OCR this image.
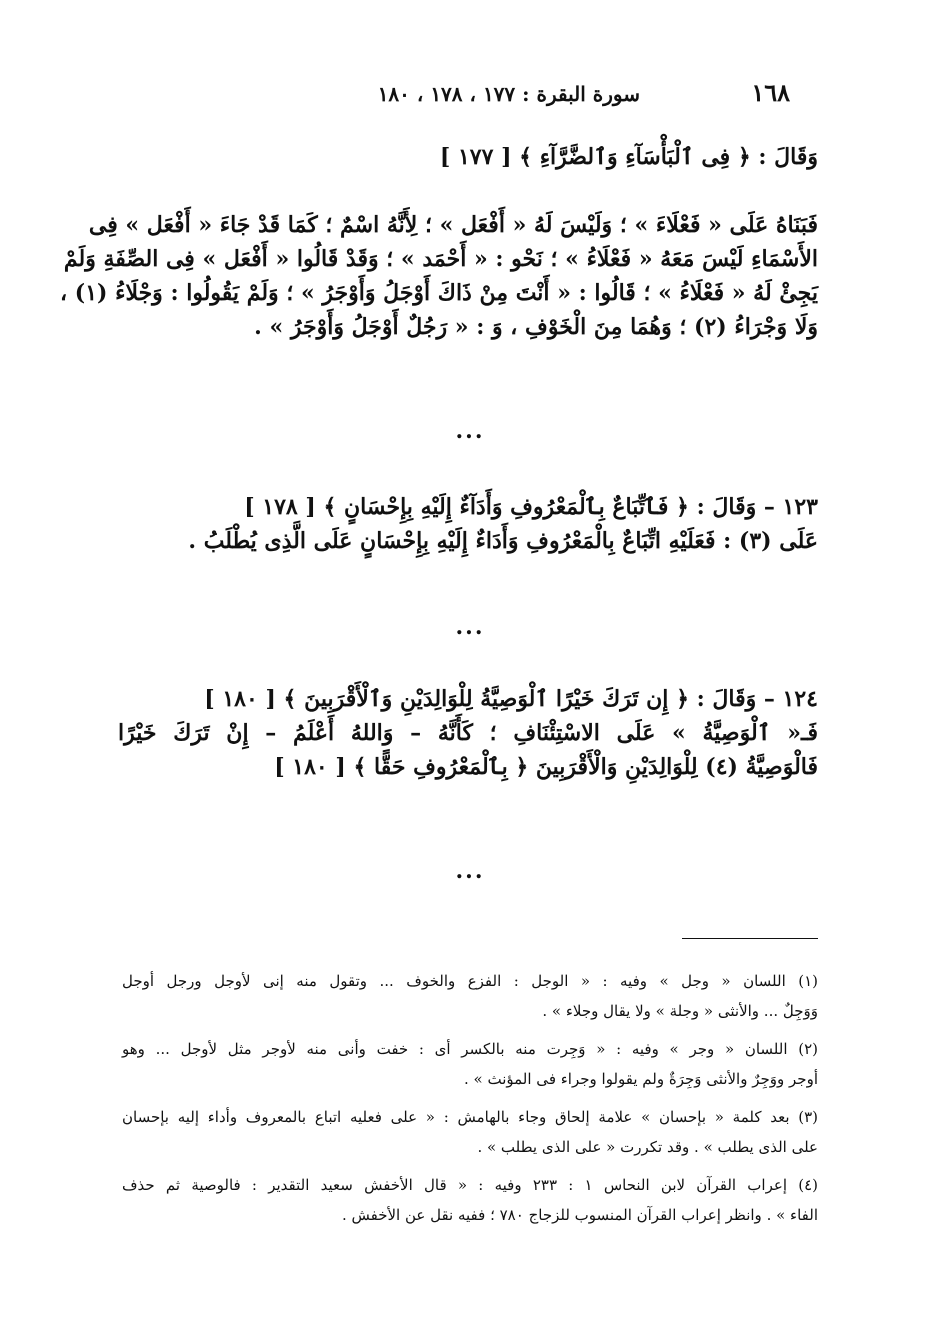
١٦٨
سورة البقرة : ١٧٧ ، ١٧٨ ، ١٨٠
وَقَالَ : ﴿ فِى ٱلْبَأْسَآءِ وَٱلضَّرَّآءِ ﴾ [ ١٧٧ ]
فَبَنَاهُ عَلَى « فَعْلَاءَ » ؛ وَلَيْسَ لَهُ « أَفْعَل » ؛ لِأَنَّهُ اسْمٌ ؛ كَمَا قَدْ جَاءَ « أَفْعَل » فِى
الأَسْمَاءِ لَيْسَ مَعَهُ « فَعْلَاءُ » ؛ نَحْو : « أَحْمَد » ؛ وَقَدْ قَالُوا « أَفْعَل » فِى الصِّفَةِ وَلَمْ
يَجِئْ لَهُ « فَعْلَاءُ » ؛ قَالُوا : « أَنْتَ مِنْ ذَاكَ أَوْجَلُ وَأَوْجَرُ » ؛ وَلَمْ يَقُولُوا : وَجْلَاءُ (١) ،
وَلَا وَجْرَاءُ (٢) ؛ وَهُمَا مِنَ الْخَوْفِ ، وَ : « رَجُلٌ أَوْجَلُ وَأَوْجَرُ » .
...
١٢٣ – وَقَالَ : ﴿ فَٱتِّبَاعٌ بِٱلْمَعْرُوفِ وَأَدَآءٌ إِلَيْهِ بِإِحْسَانٍ ﴾ [ ١٧٨ ]
عَلَى (٣) : فَعَلَيْهِ اتِّبَاعٌ بِالْمَعْرُوفِ وَأَدَاءٌ إِلَيْهِ بِإِحْسَانٍ عَلَى الَّذِى يُطْلَبُ .
...
١٢٤ – وَقَالَ : ﴿ إِن تَرَكَ خَيْرًا ٱلْوَصِيَّةُ لِلْوَالِدَيْنِ وَٱلْأَقْرَبِينَ ﴾ [ ١٨٠ ]
فَـ« ٱلْوَصِيَّةُ » عَلَى الاسْتِئْنَافِ ؛ كَأَنَّهُ – وَاللهُ أَعْلَمُ – إِنْ تَرَكَ خَيْرًا
فَالْوَصِيَّةُ (٤) لِلْوَالِدَيْنِ وَالْأَقْرَبِينَ ﴿ بِٱلْمَعْرُوفِ حَقًّا ﴾ [ ١٨٠ ]
...
(١) اللسان « وجل » وفيه : « الوجل : الفزع والخوف ... وتقول منه إنى لأوجل ورجل أوجل
وَوَجِلٌ ... والأنثى « وجلة » ولا يقال وجلاء » .
(٢) اللسان « وجر » وفيه : « وَجِرت منه بالكسر أى : خفت وأنى منه لأوجر مثل لأوجل ... وهو
أوجر ووَجِرٌ والأنثى وَجِرَةٌ ولم يقولوا وجراء فى المؤنث » .
(٣) بعد كلمة « بإحسان » علامة إلحاق وجاء بالهامش : « على فعليه اتباع بالمعروف وأداء إليه بإحسان
على الذى يطلب » . وقد تكررت « على الذى يطلب » .
(٤) إعراب القرآن لابن النحاس ١ : ٢٣٣ وفيه : « قال الأخفش سعيد التقدير : فالوصية ثم حذف
الفاء » . وانظر إعراب القرآن المنسوب للزجاج ٧٨٠ ؛ ففيه نقل عن الأخفش .
